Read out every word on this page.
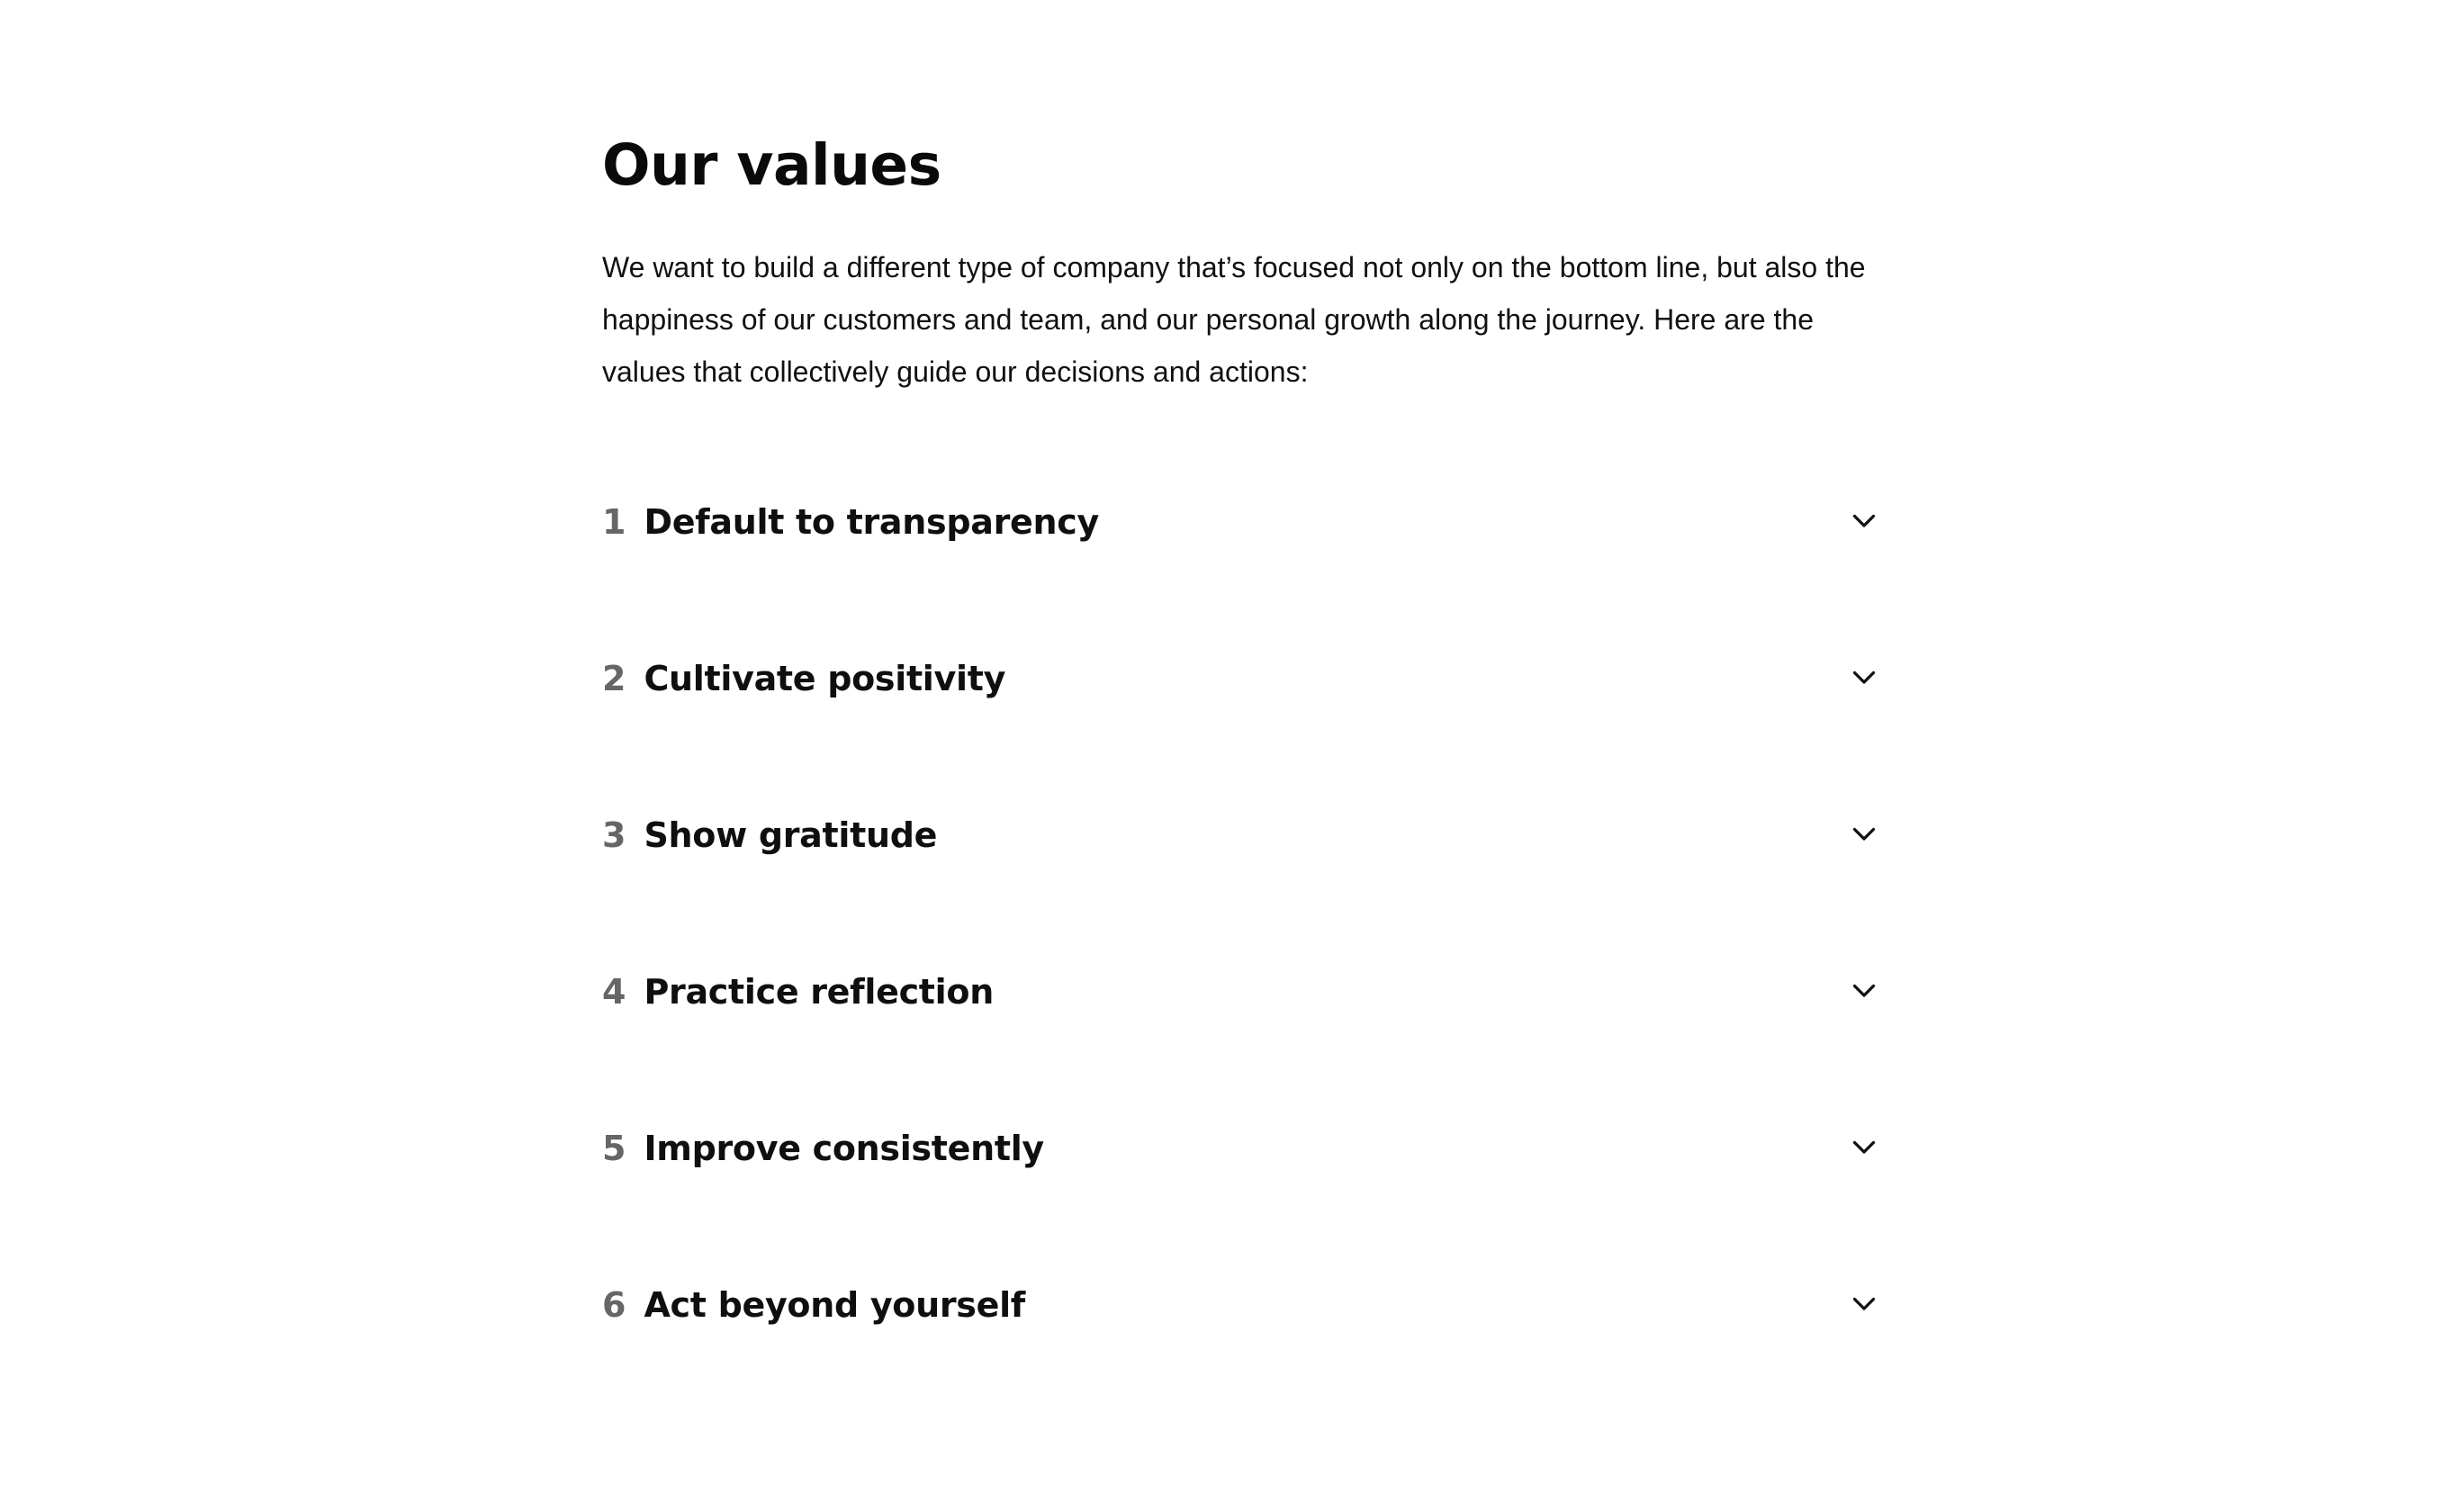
Our values

We want to build a different type of company that’s focused not only on the bottom line, but also the happiness of our customers and team, and our personal growth along the journey. Here are the values that collectively guide our decisions and actions:

1 Default to transparency
2 Cultivate positivity
3 Show gratitude
4 Practice reflection
5 Improve consistently
6 Act beyond yourself
